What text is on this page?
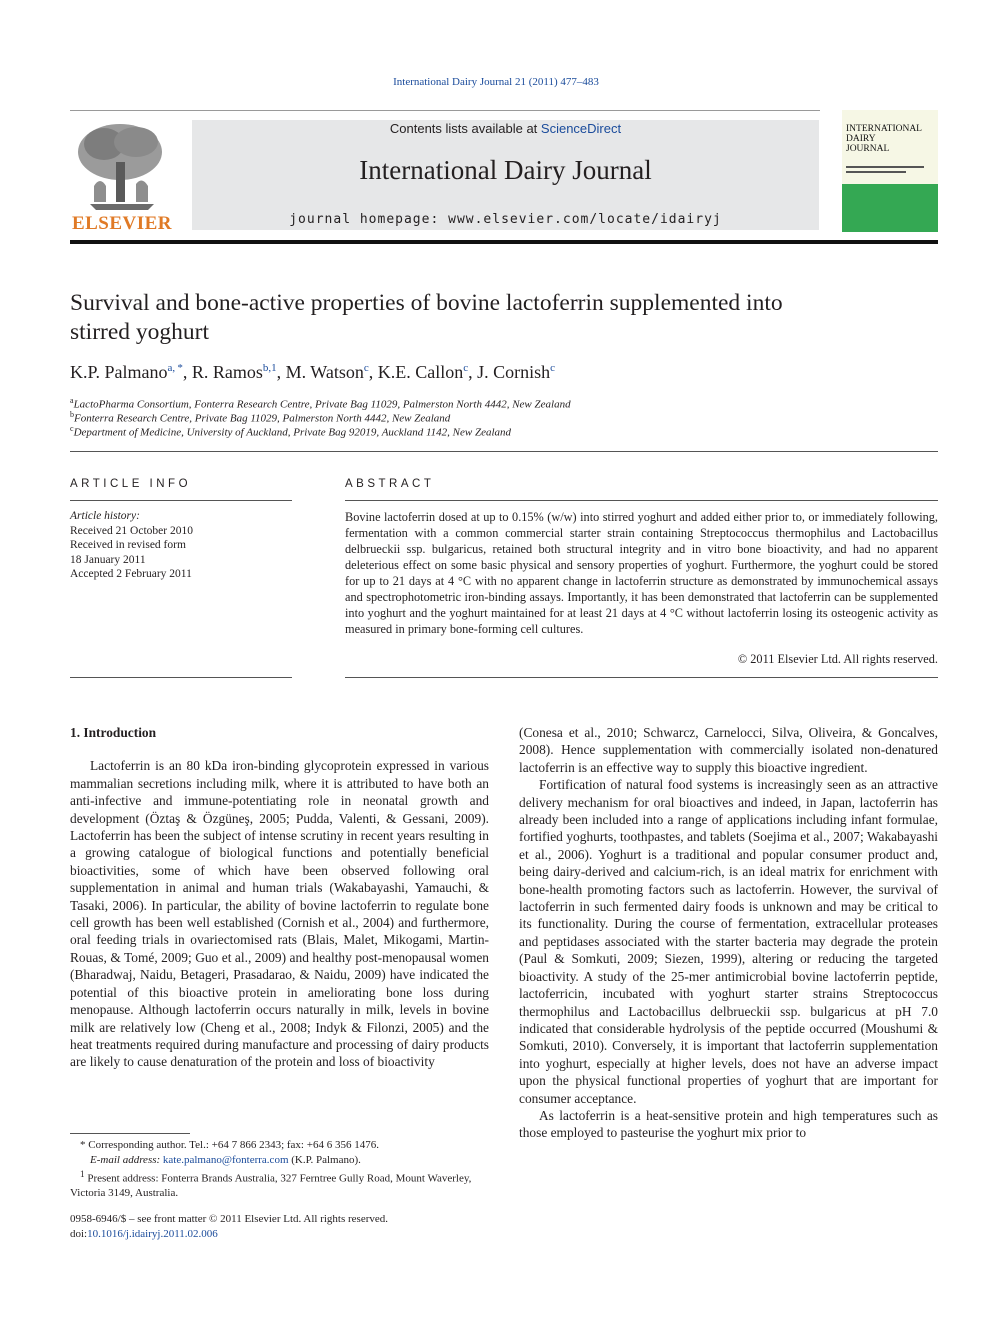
International Dairy Journal 21 (2011) 477–483
ELSEVIER
Contents lists available at ScienceDirect
International Dairy Journal
journal homepage: www.elsevier.com/locate/idairyj
INTERNATIONAL DAIRY JOURNAL
Survival and bone-active properties of bovine lactoferrin supplemented into stirred yoghurt
K.P. Palmano$^{a, *}$, R. Ramos$^{b,1}$, M. Watson$^c$, K.E. Callon$^c$, J. Cornish$^c$
$^a$LactoPharma Consortium, Fonterra Research Centre, Private Bag 11029, Palmerston North 4442, New Zealand
$^b$Fonterra Research Centre, Private Bag 11029, Palmerston North 4442, New Zealand
$^c$Department of Medicine, University of Auckland, Private Bag 92019, Auckland 1142, New Zealand
ARTICLE INFO	ABSTRACT
Article history:
Received 21 October 2010
Received in revised form
18 January 2011
Accepted 2 February 2011
Bovine lactoferrin dosed at up to 0.15% (w/w) into stirred yoghurt and added either prior to, or immediately following, fermentation with a common commercial starter strain containing Streptococcus thermophilus and Lactobacillus delbrueckii ssp. bulgaricus, retained both structural integrity and in vitro bone bioactivity, and had no apparent deleterious effect on some basic physical and sensory properties of yoghurt. Furthermore, the yoghurt could be stored for up to 21 days at 4 °C with no apparent change in lactoferrin structure as demonstrated by immunochemical assays and spectrophotometric iron-binding assays. Importantly, it has been demonstrated that lactoferrin can be supplemented into yoghurt and the yoghurt maintained for at least 21 days at 4 °C without lactoferrin losing its osteogenic activity as measured in primary bone-forming cell cultures.
© 2011 Elsevier Ltd. All rights reserved.
1. Introduction

Lactoferrin is an 80 kDa iron-binding glycoprotein expressed in various mammalian secretions including milk, where it is attributed to have both an anti-infective and immune-potentiating role in neonatal growth and development (Öztaş & Özgüneş, 2005; Pudda, Valenti, & Gessani, 2009). Lactoferrin has been the subject of intense scrutiny in recent years resulting in a growing catalogue of biological functions and potentially beneficial bioactivities, some of which have been observed following oral supplementation in animal and human trials (Wakabayashi, Yamauchi, & Tasaki, 2006). In particular, the ability of bovine lactoferrin to regulate bone cell growth has been well established (Cornish et al., 2004) and furthermore, oral feeding trials in ovariectomised rats (Blais, Malet, Mikogami, Martin-Rouas, & Tomé, 2009; Guo et al., 2009) and healthy post-menopausal women (Bharadwaj, Naidu, Betageri, Prasadarao, & Naidu, 2009) have indicated the potential of this bioactive protein in ameliorating bone loss during menopause. Although lactoferrin occurs naturally in milk, levels in bovine milk are relatively low (Cheng et al., 2008; Indyk & Filonzi, 2005) and the heat treatments required during manufacture and processing of dairy products are likely to cause denaturation of the protein and loss of bioactivity

(Conesa et al., 2010; Schwarcz, Carnelocci, Silva, Oliveira, & Goncalves, 2008). Hence supplementation with commercially isolated non-denatured lactoferrin is an effective way to supply this bioactive ingredient.

Fortification of natural food systems is increasingly seen as an attractive delivery mechanism for oral bioactives and indeed, in Japan, lactoferrin has already been included into a range of applications including infant formulae, fortified yoghurts, toothpastes, and tablets (Soejima et al., 2007; Wakabayashi et al., 2006). Yoghurt is a traditional and popular consumer product and, being dairy-derived and calcium-rich, is an ideal matrix for enrichment with bone-health promoting factors such as lactoferrin. However, the survival of lactoferrin in such fermented dairy foods is unknown and may be critical to its functionality. During the course of fermentation, extracellular proteases and peptidases associated with the starter bacteria may degrade the protein (Paul & Somkuti, 2009; Siezen, 1999), altering or reducing the targeted bioactivity. A study of the 25-mer antimicrobial bovine lactoferrin peptide, lactoferricin, incubated with yoghurt starter strains Streptococcus thermophilus and Lactobacillus delbrueckii ssp. bulgaricus at pH 7.0 indicated that considerable hydrolysis of the peptide occurred (Moushumi & Somkuti, 2010). Conversely, it is important that lactoferrin supplementation into yoghurt, especially at higher levels, does not have an adverse impact upon the physical functional properties of yoghurt that are important for consumer acceptance.

As lactoferrin is a heat-sensitive protein and high temperatures such as those employed to pasteurise the yoghurt mix prior to

* Corresponding author. Tel.: +64 7 866 2343; fax: +64 6 356 1476.

E-mail address: kate.palmano@fonterra.com (K.P. Palmano).

$^1$ Present address: Fonterra Brands Australia, 327 Ferntree Gully Road, Mount Waverley, Victoria 3149, Australia.

0958-6946/$ – see front matter © 2011 Elsevier Ltd. All rights reserved.
doi:10.1016/j.idairyj.2011.02.006
